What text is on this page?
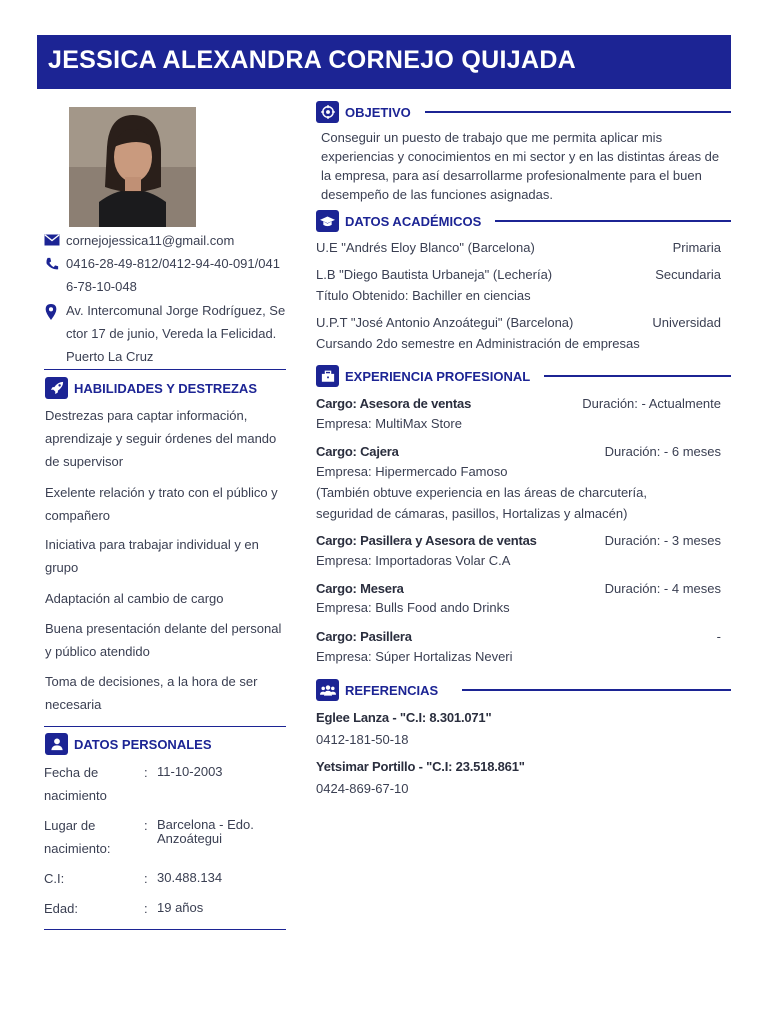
JESSICA ALEXANDRA CORNEJO QUIJADA
cornejojessica11@gmail.com
0416-28-49-812/0412-94-40-091/0416-78-10-048
Av. Intercomunal Jorge Rodríguez, Sector 17 de junio, Vereda la Felicidad. Puerto La Cruz
HABILIDADES Y DESTREZAS
Destrezas para captar información, aprendizaje y seguir órdenes del mando de supervisor
Exelente relación y trato con el público y compañero
Iniciativa para trabajar individual y en grupo
Adaptación al cambio de cargo
Buena presentación delante del personal y público atendido
Toma de decisiones, a la hora de ser necesaria
DATOS PERSONALES
Fecha de nacimiento
: 11-10-2003
Lugar de nacimiento:
: Barcelona - Edo. Anzoátegui
C.I:	: 30.488.134
Edad:	: 19 años
OBJETIVO
Conseguir un puesto de trabajo que me permita aplicar mis experiencias y conocimientos en mi sector y en las distintas áreas de la empresa, para así desarrollarme profesionalmente para el buen desempeño de las funciones asignadas.
DATOS ACADÉMICOS
U.E "Andrés Eloy Blanco" (Barcelona)	Primaria
L.B "Diego Bautista Urbaneja" (Lechería)	Secundaria
Título Obtenido: Bachiller en ciencias
U.P.T "José Antonio Anzoátegui" (Barcelona)	Universidad
Cursando 2do semestre en Administración de empresas
EXPERIENCIA PROFESIONAL
Cargo: Asesora de ventas	Duración: - Actualmente
Empresa: MultiMax Store
Cargo: Cajera	Duración: - 6 meses
Empresa: Hipermercado Famoso
(También obtuve experiencia en las áreas de charcutería, seguridad de cámaras, pasillos, Hortalizas y almacén)
Cargo: Pasillera y Asesora de ventas	Duración: - 3 meses
Empresa: Importadoras Volar C.A
Cargo: Mesera	Duración: - 4 meses
Empresa: Bulls Food ando Drinks
Cargo: Pasillera	-
Empresa: Súper Hortalizas Neveri
REFERENCIAS
Eglee Lanza - "C.I: 8.301.071"
0412-181-50-18
Yetsimar Portillo - "C.I: 23.518.861"
0424-869-67-10
